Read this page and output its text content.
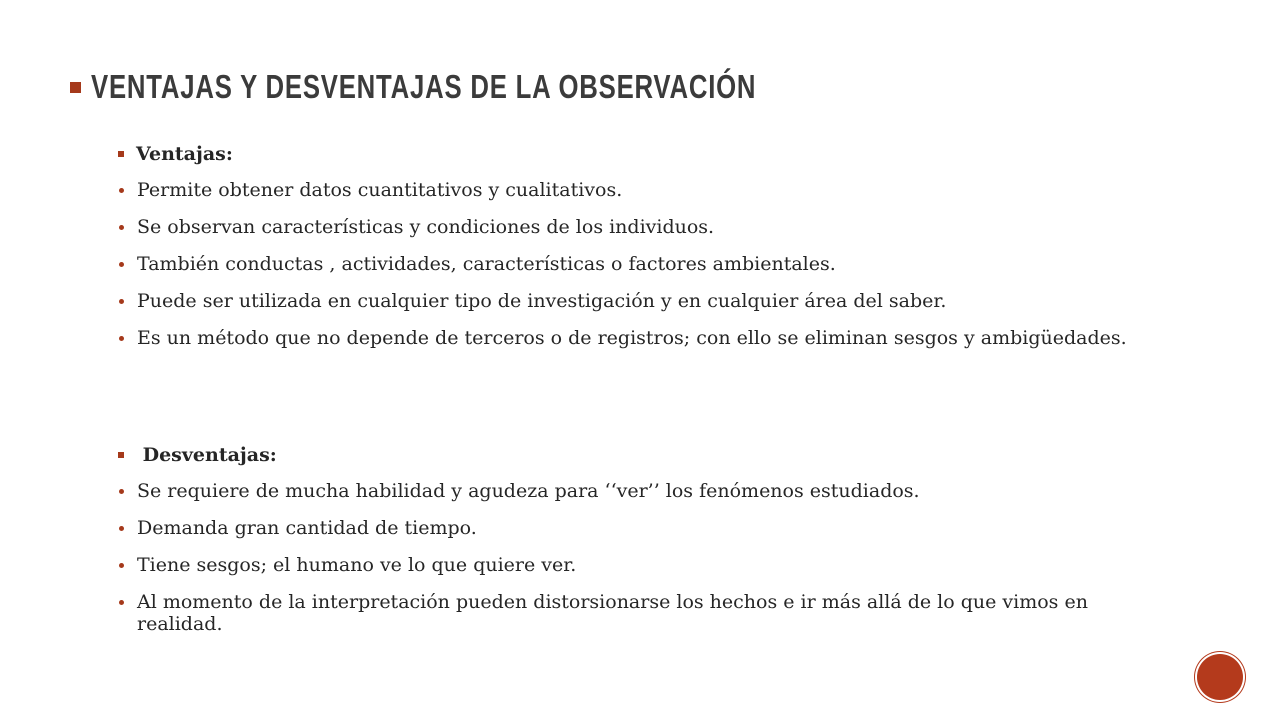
VENTAJAS Y DESVENTAJAS DE LA OBSERVACIÓN
Ventajas:
Permite obtener datos cuantitativos y cualitativos.
Se observan características y condiciones de los individuos.
También conductas , actividades, características o factores ambientales.
Puede ser utilizada en cualquier tipo de investigación y en cualquier área del saber.
Es un método que no depende de terceros o de registros; con ello se eliminan sesgos y ambigüedades.
Desventajas:
Se requiere de mucha habilidad y agudeza para ‘‘ver’’ los fenómenos estudiados.
Demanda gran cantidad de tiempo.
Tiene sesgos; el humano ve lo que quiere ver.
Al momento de la interpretación pueden distorsionarse los hechos e ir más allá de lo que vimos en realidad.
